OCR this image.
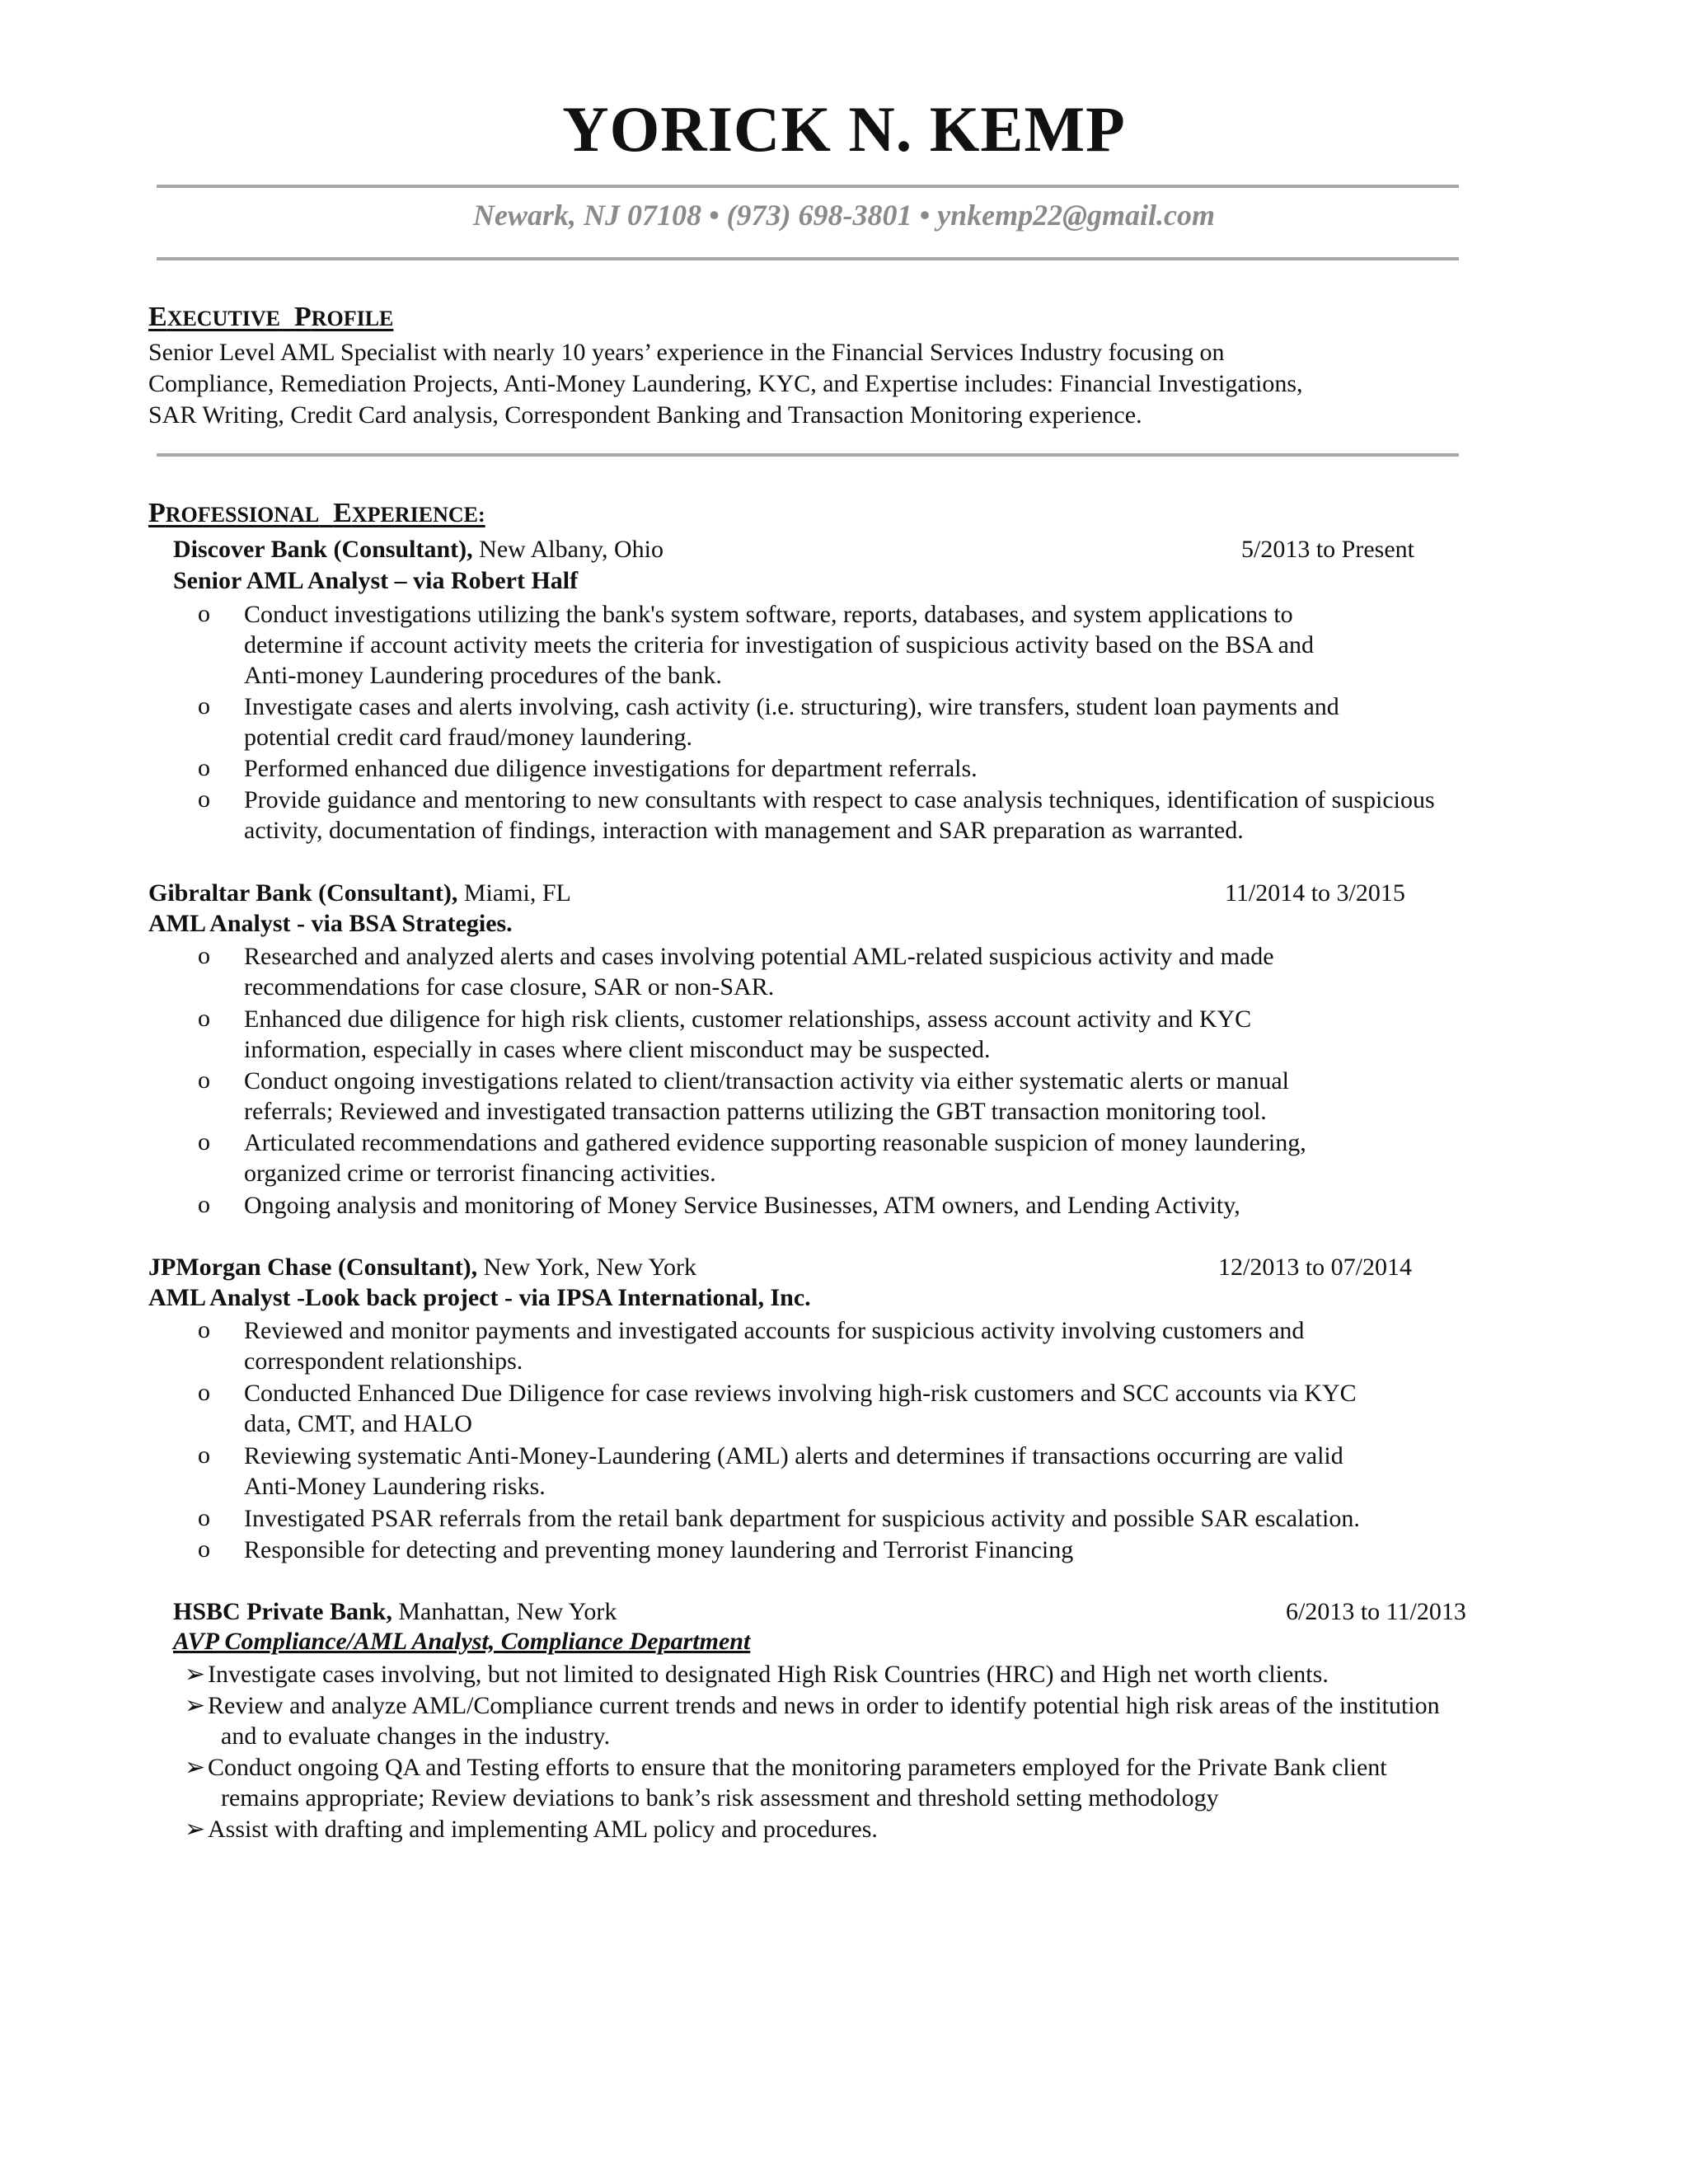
YORICK N. KEMP
Newark, NJ 07108 • (973) 698-3801 • ynkemp22@gmail.com
EXECUTIVE PROFILE
Senior Level AML Specialist with nearly 10 years’ experience in the Financial Services Industry focusing on
Compliance, Remediation Projects, Anti-Money Laundering, KYC, and Expertise includes: Financial Investigations,
SAR Writing, Credit Card analysis, Correspondent Banking and Transaction Monitoring experience.
PROFESSIONAL EXPERIENCE:
Discover Bank (Consultant), New Albany, Ohio	5/2013 to Present
Senior AML Analyst – via Robert Half
o Conduct investigations utilizing the bank's system software, reports, databases, and system applications to
determine if account activity meets the criteria for investigation of suspicious activity based on the BSA and
Anti-money Laundering procedures of the bank.
o Investigate cases and alerts involving, cash activity (i.e. structuring), wire transfers, student loan payments and
potential credit card fraud/money laundering.
o Performed enhanced due diligence investigations for department referrals.
o Provide guidance and mentoring to new consultants with respect to case analysis techniques, identification of suspicious
activity, documentation of findings, interaction with management and SAR preparation as warranted.
Gibraltar Bank (Consultant), Miami, FL	11/2014 to 3/2015
AML Analyst - via BSA Strategies.
o Researched and analyzed alerts and cases involving potential AML-related suspicious activity and made
recommendations for case closure, SAR or non-SAR.
o Enhanced due diligence for high risk clients, customer relationships, assess account activity and KYC
information, especially in cases where client misconduct may be suspected.
o Conduct ongoing investigations related to client/transaction activity via either systematic alerts or manual
referrals; Reviewed and investigated transaction patterns utilizing the GBT transaction monitoring tool.
o Articulated recommendations and gathered evidence supporting reasonable suspicion of money laundering,
organized crime or terrorist financing activities.
o Ongoing analysis and monitoring of Money Service Businesses, ATM owners, and Lending Activity,
JPMorgan Chase (Consultant), New York, New York	12/2013 to 07/2014
AML Analyst -Look back project - via IPSA International, Inc.
o Reviewed and monitor payments and investigated accounts for suspicious activity involving customers and
correspondent relationships.
o Conducted Enhanced Due Diligence for case reviews involving high-risk customers and SCC accounts via KYC
data, CMT, and HALO
o Reviewing systematic Anti-Money-Laundering (AML) alerts and determines if transactions occurring are valid
Anti-Money Laundering risks.
o Investigated PSAR referrals from the retail bank department for suspicious activity and possible SAR escalation.
o Responsible for detecting and preventing money laundering and Terrorist Financing
HSBC Private Bank, Manhattan, New York	6/2013 to 11/2013
AVP Compliance/AML Analyst, Compliance Department
➢ Investigate cases involving, but not limited to designated High Risk Countries (HRC) and High net worth clients.
➢ Review and analyze AML/Compliance current trends and news in order to identify potential high risk areas of the institution
and to evaluate changes in the industry.
➢ Conduct ongoing QA and Testing efforts to ensure that the monitoring parameters employed for the Private Bank client
remains appropriate; Review deviations to bank’s risk assessment and threshold setting methodology
➢ Assist with drafting and implementing AML policy and procedures.
